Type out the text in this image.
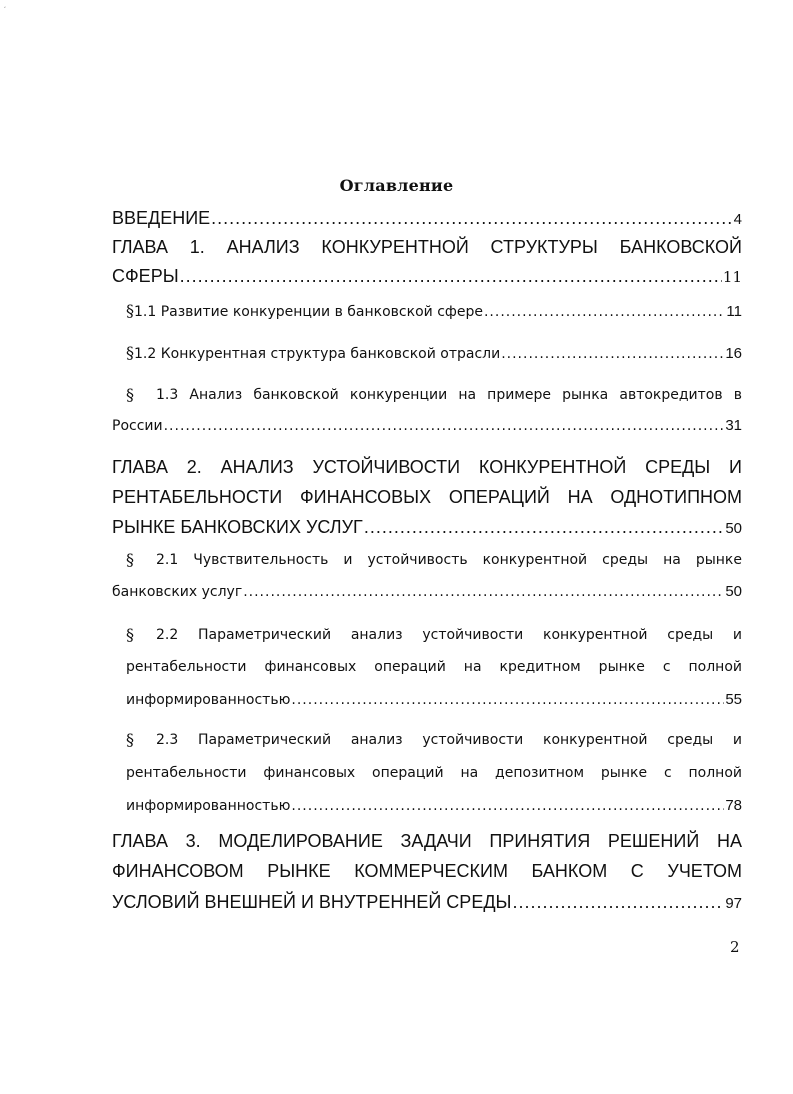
ʻ
Оглавление
ВВЕДЕНИЕ .....	4
ГЛАВА 1. АНАЛИЗ КОНКУРЕНТНОЙ СТРУКТУРЫ БАНКОВСКОЙ
СФЕРЫ .....	11
§ 1.1 Развитие конкуренции в банковской сфере .....	11
§ 1.2 Конкурентная структура банковской отрасли .....	16
§	1.3 Анализ банковской конкуренции на примере рынка автокредитов в
России .....	31
ГЛАВА 2. АНАЛИЗ УСТОЙЧИВОСТИ КОНКУРЕНТНОЙ СРЕДЫ И
РЕНТАБЕЛЬНОСТИ ФИНАНСОВЫХ ОПЕРАЦИЙ НА ОДНОТИПНОМ
РЫНКЕ БАНКОВСКИХ УСЛУГ .....	50
§	2.1 Чувствительность и устойчивость конкурентной среды на рынке
банковских услуг .....	50
§	2.2 Параметрический анализ устойчивости конкурентной среды и
рентабельности финансовых операций на кредитном рынке с полной
информированностью .....	55
§	2.3 Параметрический анализ устойчивости конкурентной среды и
рентабельности финансовых операций на депозитном рынке с полной
информированностью .....	78
ГЛАВА 3. МОДЕЛИРОВАНИЕ ЗАДАЧИ ПРИНЯТИЯ РЕШЕНИЙ НА
ФИНАНСОВОМ РЫНКЕ КОММЕРЧЕСКИМ БАНКОМ С УЧЕТОМ
УСЛОВИЙ ВНЕШНЕЙ И ВНУТРЕННЕЙ СРЕДЫ .....	97
2
